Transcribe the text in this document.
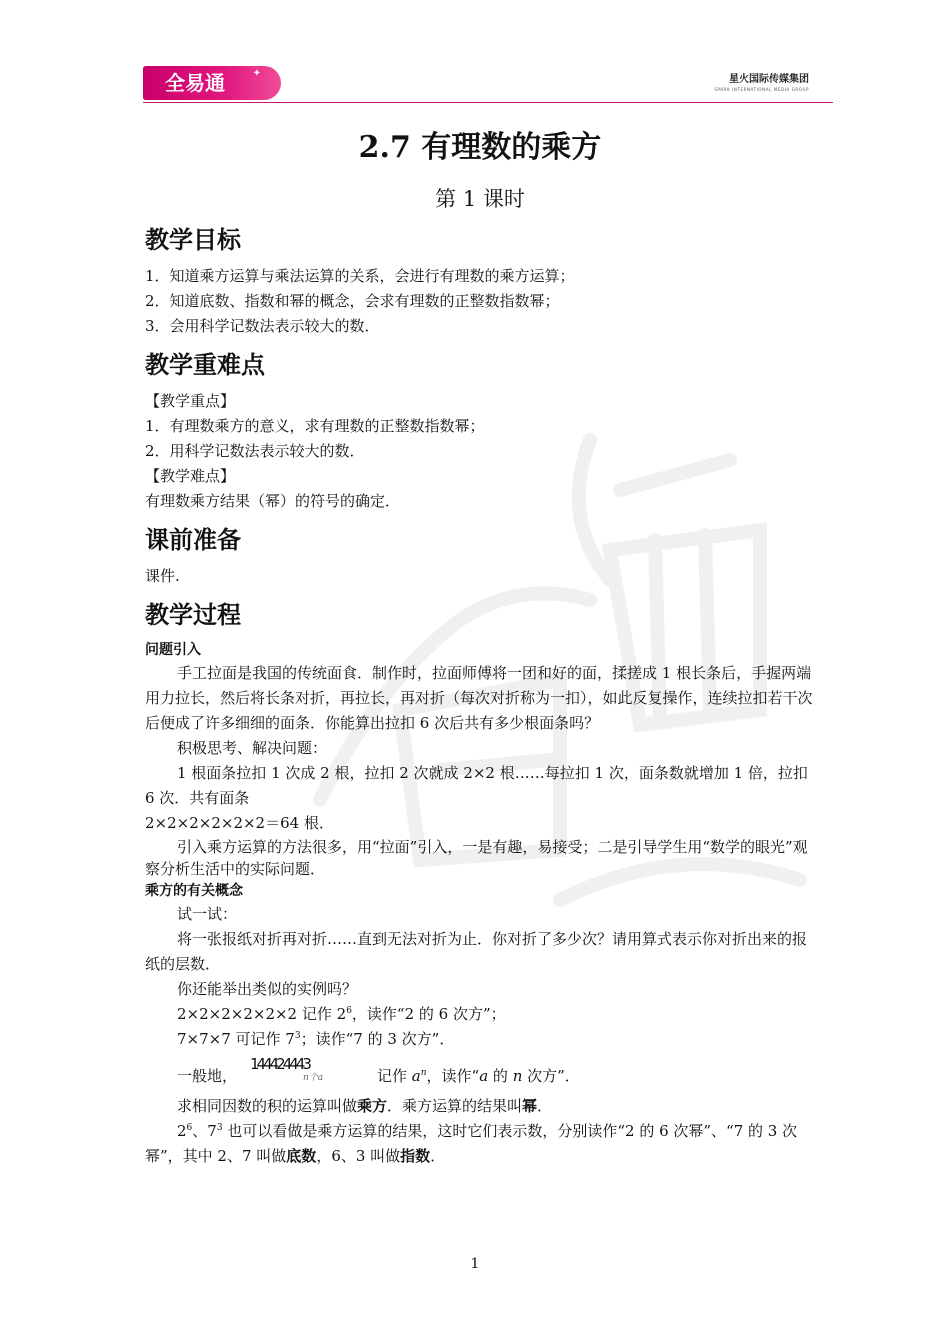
全易通	✦
星火国际传媒集团
SPARK INTERNATIONAL MEDIA GROUP
2.7 有理数的乘方
第 1 课时
教学目标

1．知道乘方运算与乘法运算的关系，会进行有理数的乘方运算；

2．知道底数、指数和幂的概念，会求有理数的正整数指数幂；

3．会用科学记数法表示较大的数．

教学重难点

【教学重点】

1．有理数乘方的意义，求有理数的正整数指数幂；

2．用科学记数法表示较大的数．

【教学难点】

有理数乘方结果（幂）的符号的确定．

课前准备

课件.

教学过程
问题引入

手工拉面是我国的传统面食．制作时，拉面师傅将一团和好的面，揉搓成 1 根长条后，手握两端用力拉长，然后将长条对折，再拉长，再对折（每次对折称为一扣），如此反复操作，连续拉扣若干次后便成了许多细细的面条．你能算出拉扣 6 次后共有多少根面条吗？

积极思考、解决问题：

1 根面条拉扣 1 次成 2 根，拉扣 2 次就成 2×2 根……每拉扣 1 次，面条数就增加 1 倍，拉扣 6 次．共有面条

2×2×2×2×2×2＝64 根．

引入乘方运算的方法很多，用“拉面”引入，一是有趣，易接受；二是引导学生用“数学的眼光”观察分析生活中的实际问题．

乘方的有关概念

试一试：

将一张报纸对折再对折……直到无法对折为止．你对折了多少次？请用算式表示你对折出来的报纸的层数．

你还能举出类似的实例吗？

2×2×2×2×2×2 记作 $2^6$，读作“2 的 6 次方”；

7×7×7 可记作 $7^3$；读作“7 的 3 次方”．

一般地，
144424443
n个a	记作 $a^n$，读作“a 的 n 次方”．

求相同因数的积的运算叫做乘方．乘方运算的结果叫幂．

$2^6$、$7^3$ 也可以看做是乘方运算的结果，这时它们表示数，分别读作“2 的 6 次幂”、“7 的 3 次幂”，其中 2、7 叫做底数，6、3 叫做指数．

1
